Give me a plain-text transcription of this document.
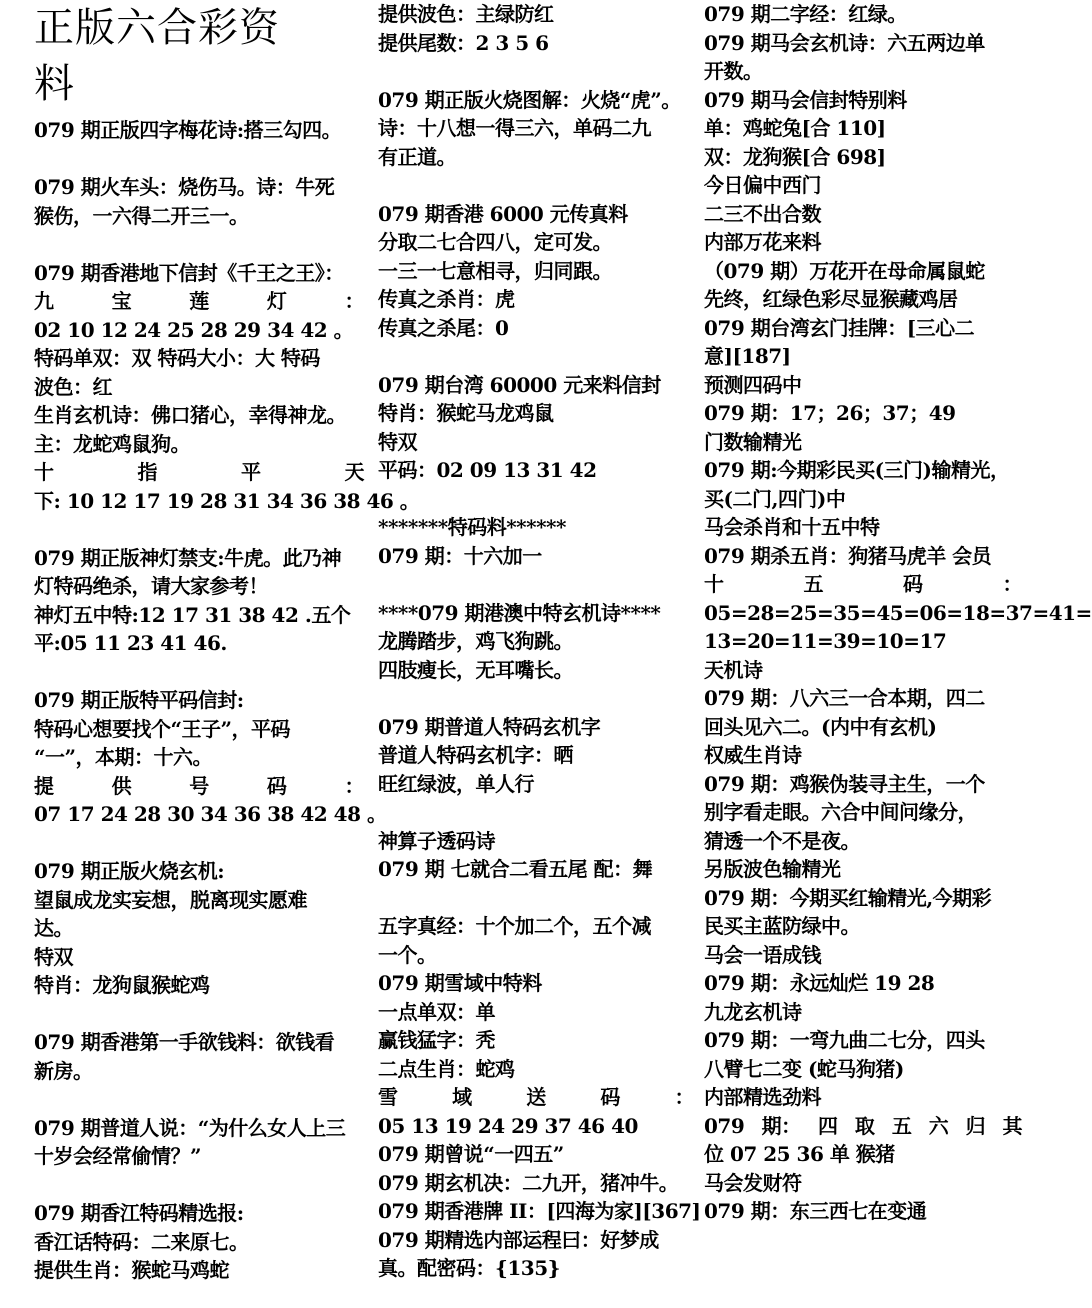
正版六合彩资
料
079 期正版四字梅花诗:搭三勾四。
079 期火车头：烧伤马。诗：牛死
猴伤，一六得二开三一。
079 期香港地下信封《千王之王》：
九	宝	莲	灯	：
02 10 12 24 25 28 29 34 42 。
特码单双：双 特码大小：大 特码
波色：红
生肖玄机诗：佛口猪心，幸得神龙。
主：龙蛇鸡鼠狗。
十	指	平	天
下: 10 12 17 19 28 31 34 36 38 46 。
079 期正版神灯禁支:牛虎。此乃神
灯特码绝杀，请大家参考！
神灯五中特:12 17 31 38 42 .五个
平:05 11 23 41 46.
079 期正版特平码信封:
特码心想要找个“王子”，平码
“一”，本期：十六。
提	供	号	码	：
07 17 24 28 30 34 36 38 42 48 。
079 期正版火烧玄机:
望鼠成龙实妄想，脱离现实愿难
达。
特双
特肖：龙狗鼠猴蛇鸡
079 期香港第一手欲钱料：欲钱看
新房。
079 期普道人说：“为什么女人上三
十岁会经常偷情？”
079 期香江特码精选报:
香江话特码：二来原七。
提供生肖：猴蛇马鸡蛇
提供波色：主绿防红
提供尾数：2 3 5 6
079 期正版火烧图解：火烧“虎”。
诗：十八想一得三六，单码二九
有正道。
079 期香港 6000 元传真料
分取二七合四八，定可发。
一三一七意相寻，归同跟。
传真之杀肖：虎
传真之杀尾：0
079 期台湾 60000 元来料信封
特肖：猴蛇马龙鸡鼠
特双
平码：02 09 13 31 42
*******特码料******
079 期：十六加一
****079 期港澳中特玄机诗****
龙腾踏步，鸡飞狗跳。
四肢瘦长，无耳嘴长。
079 期普道人特码玄机字
普道人特码玄机字：晒
旺红绿波，单人行
神算子透码诗
079 期 七就合二看五尾 配：舞
五字真经：十个加二个，五个减
一个。
079 期雪域中特料
一点单双：单
赢钱猛字：秃
二点生肖：蛇鸡
雪	域	送	码	：
05 13 19 24 29 37 46 40
079 期曾说“一四五”
079 期玄机决：二九开，猪冲牛。
079 期香港牌 II：[四海为家][367]
079 期精选内部运程曰：好梦成
真。配密码：{135}
079 期二字经：红绿。
079 期马会玄机诗：六五两边单
开数。
079 期马会信封特别料
单：鸡蛇兔[合 110]
双：龙狗猴[合 698]
今日偏中西门
二三不出合数
内部万花来料
（079 期）万花开在母命属鼠蛇
先终，红绿色彩尽显猴藏鸡居
079 期台湾玄门挂牌：[三心二
意][187]
预测四码中
079 期：17；26；37；49
门数输精光
079 期:今期彩民买(三门)输精光，
买(二门,四门)中
马会杀肖和十五中特
079 期杀五肖：狗猪马虎羊 会员
十	五	码	：
05=28=25=35=45=06=18=37=41=
13=20=11=39=10=17
天机诗
079 期：八六三一合本期，四二
回头见六二。(内中有玄机)
权威生肖诗
079 期：鸡猴伪装寻主生，一个
别字看走眼。六合中间问缘分，
猜透一个不是夜。
另版波色输精光
079 期：今期买红输精光,今期彩
民买主蓝防绿中。
马会一语成钱
079 期：永远灿烂 19 28
九龙玄机诗
079 期：一弯九曲二七分，四头
八臂七二变 (蛇马狗猪)
内部精选劲料
079 期： 四 取 五 六 归 其
位 07 25 36 单 猴猪
马会发财符
079 期：东三西七在变通
